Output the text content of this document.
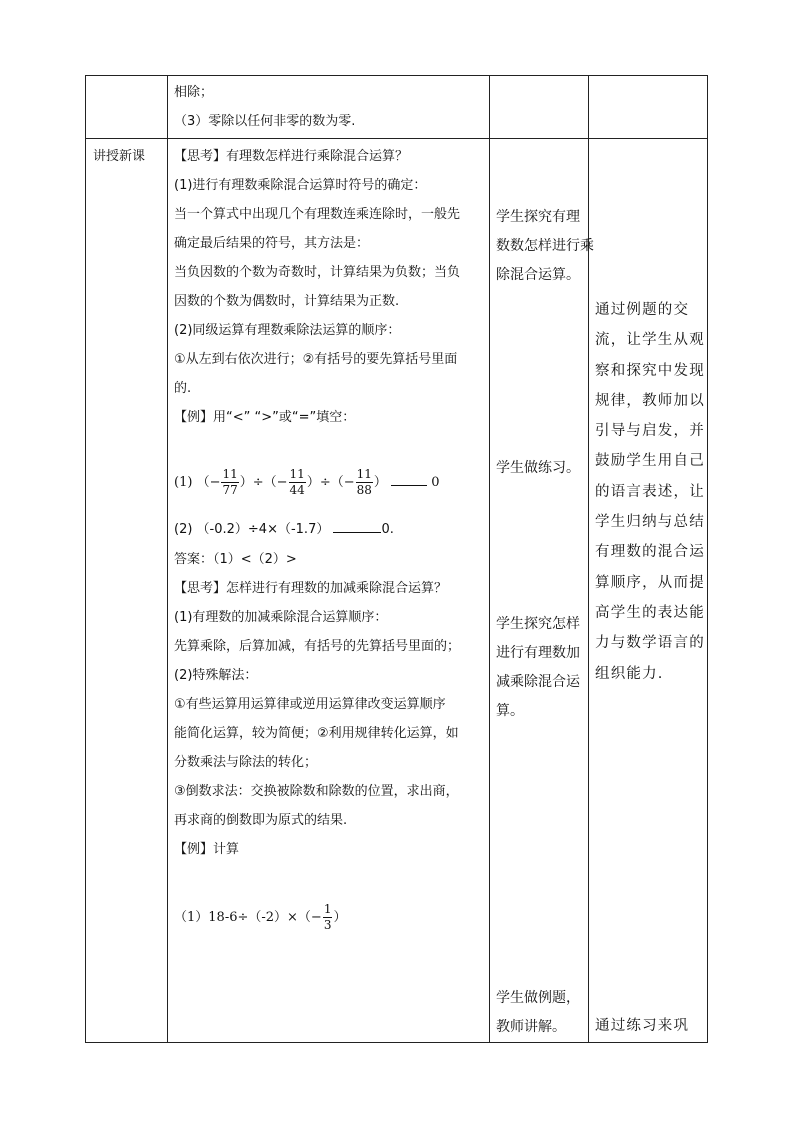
讲授新课
相除；
（3）零除以任何非零的数为零.
【思考】有理数怎样进行乘除混合运算？
(1)进行有理数乘除混合运算时符号的确定：
当一个算式中出现几个有理数连乘连除时，一般先
确定最后结果的符号，其方法是：
当负因数的个数为奇数时，计算结果为负数；当负
因数的个数为偶数时，计算结果为正数.
(2)同级运算有理数乘除法运算的顺序：
①从左到右依次进行；②有括号的要先算括号里面
的.
【例】用“<” “>”或“=”填空：
(1) （− $\frac{11}{77}$ ）÷（− $\frac{11}{44}$ ）÷（− $\frac{11}{88}$ ）	0
(2) （-0.2）÷4×（-1.7）	0.
答案：（1）<（2）>
【思考】怎样进行有理数的加减乘除混合运算？
(1)有理数的加减乘除混合运算顺序：
先算乘除，后算加减，有括号的先算括号里面的；
(2)特殊解法：
①有些运算用运算律或逆用运算律改变运算顺序
能简化运算，较为简便；②利用规律转化运算，如
分数乘法与除法的转化；
③倒数求法：交换被除数和除数的位置，求出商，
再求商的倒数即为原式的结果.
【例】计算
$(1)18-6\div(-2)\times(- \frac{1}{3}$ ）
学生探究有理
数数怎样进行乘
除混合运算。
学生做练习。
学生探究怎样
进行有理数加
减乘除混合运
算。
学生做例题，
教师讲解。
通过例题的交
流，让学生从观
察和探究中发现
规律，教师加以
引导与启发，并
鼓励学生用自己
的语言表述，让
学生归纳与总结
有理数的混合运
算顺序，从而提
高学生的表达能
力与数学语言的
组织能力.
通过练习来巩
